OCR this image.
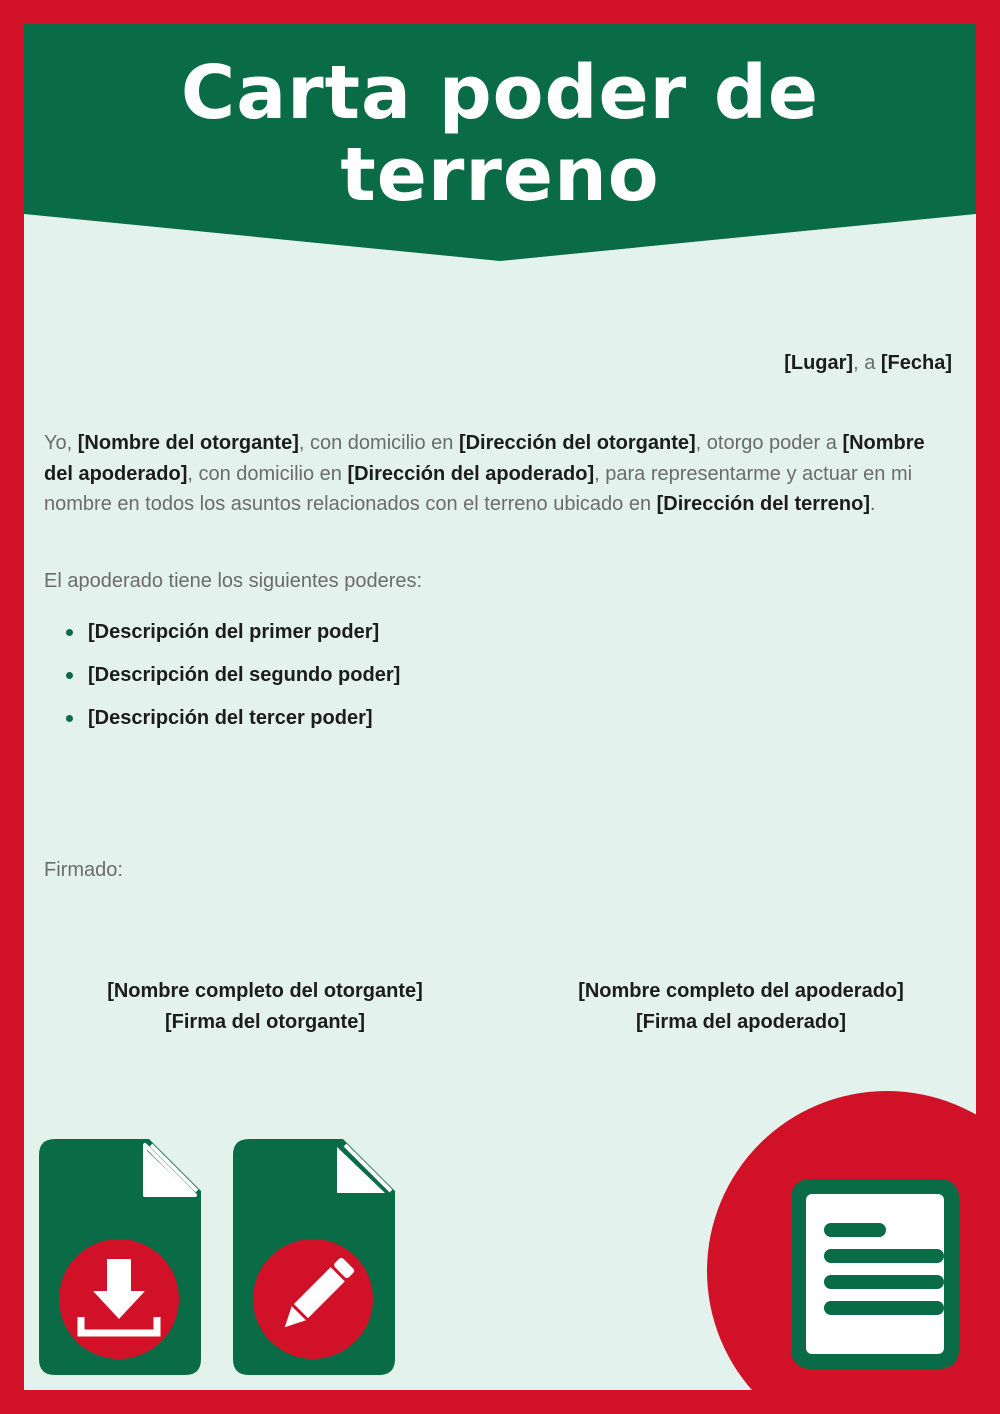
Carta poder de terreno
[Lugar], a [Fecha]

Yo, [Nombre del otorgante], con domicilio en [Dirección del otorgante], otorgo poder a [Nombre del apoderado], con domicilio en [Dirección del apoderado], para representarme y actuar en mi nombre en todos los asuntos relacionados con el terreno ubicado en [Dirección del terreno].

El apoderado tiene los siguientes poderes:
[Descripción del primer poder]
[Descripción del segundo poder]
[Descripción del tercer poder]
Firmado:
[Nombre completo del otorgante]
[Firma del otorgante]
[Nombre completo del apoderado]
[Firma del apoderado]
